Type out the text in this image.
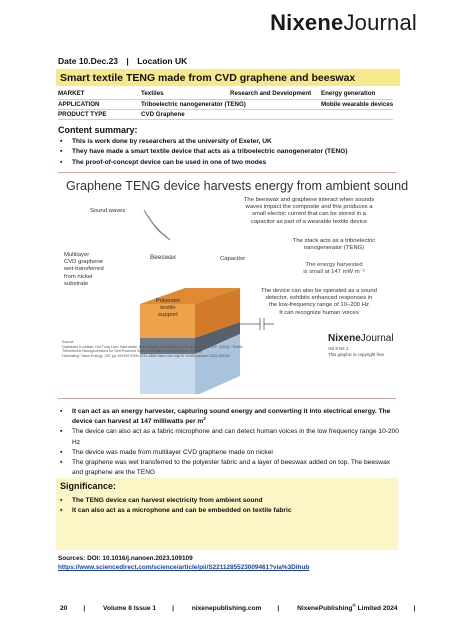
NixeneJournal
Date 10.Dec.23 | Location UK
Smart textile TENG made from CVD graphene and beeswax
MARKET	Textiles	Research and Development	Energy generation
APPLICATION	Triboelectric nanogenerator (TENG)		Mobile wearable devices
PRODUCT TYPE	CVD Graphene		
Content summary:
▪ This is work done by researchers at the university of Exeter, UK
▪ They have made a smart textile device that acts as a triboelectric nanogenerator (TENG)
▪ The proof-of-concept device can be used in one of two modes
Graphene TENG device harvests energy from ambient sound
Sound waves
Multilayer
CVD graphene
wet-transferred
from nickel
substrate
Beeswax
Polyester
textile
support
Capacitor
The beeswax and graphene interact when sounds
waves impact the composite and this produces a
small electric current that can be stored in a
capacitor as part of a wearable textile device
The stack acts as a triboelectric
nanogenerator (TENG)
The energy harvested
is small at 147 mW m⁻²
The device can also be operated as a sound
detector, exhibits enhanced responses in
the low-frequency range of 10–200 Hz
It can recognize human voices
Source:
Dashtbani Kouhkan, Hol Tung Lam, Gabrowski, Dirk, Madrid, Fernando, Ana M. and Craciun, M.F. (2024), "Textile
Triboelectric Nanogenerators for Self-Powered Sound Detection and Mechanical Energy
Harvesting" Nano Energy, 120, pp.109109 ISSN 2211-2855 https://doi.org/10.1016/j.nanoen.2023.109109
NixeneJournal
Vol 8 Iss 1
This graphic is copyright free
▪ It can act as an energy harvester, capturing sound energy and converting it into electrical energy. The device can harvest at 147 milliwatts per $m^2$
▪ The device can also act as a fabric microphone and can detect human voices in the low frequency range 10-200 Hz
▪ The device was made from multilayer CVD graphene made on nickel
▪ The graphene was wet transferred to the polyester fabric and a layer of beeswax added on top. The beeswax and graphene are the TENG
Significance:
▪ The TENG device can harvest electricity from ambient sound
▪ It can also act as a microphone and can be embedded on textile fabric
Sources: DOI: 10.1016/j.nanoen.2023.109109
https://www.sciencedirect.com/science/article/pii/S2211285523009461?via%3Dihub
20 |	Volume 8 Issue 1 |	nixenepublishing.com |	NixenePublishing® Limited 2024 |
